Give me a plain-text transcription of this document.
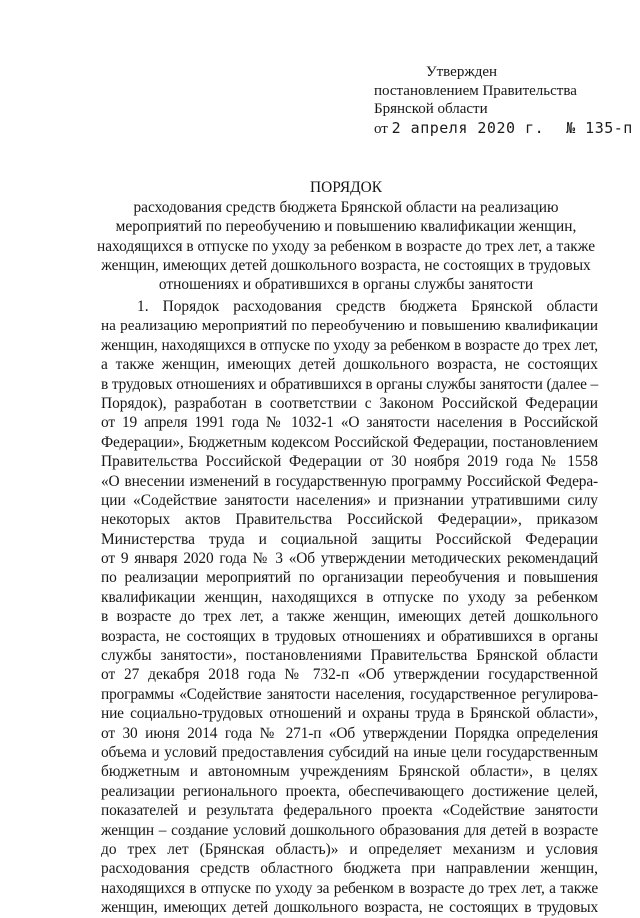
Утвержден
постановлением Правительства
Брянской области
от 2 апреля 2020 г. № 135-п
ПОРЯДОК
расходования средств бюджета Брянской области на реализацию
мероприятий по переобучению и повышению квалификации женщин,
находящихся в отпуске по уходу за ребенком в возрасте до трех лет, а также
женщин, имеющих детей дошкольного возраста, не состоящих в трудовых
отношениях и обратившихся в органы службы занятости
1. Порядок расходования средств бюджета Брянской области
на реализацию мероприятий по переобучению и повышению квалификации
женщин, находящихся в отпуске по уходу за ребенком в возрасте до трех лет,
а также женщин, имеющих детей дошкольного возраста, не состоящих
в трудовых отношениях и обратившихся в органы службы занятости (далее –
Порядок), разработан в соответствии с Законом Российской Федерации
от 19 апреля 1991 года № 1032-1 «О занятости населения в Российской
Федерации», Бюджетным кодексом Российской Федерации, постановлением
Правительства Российской Федерации от 30 ноября 2019 года № 1558
«О внесении изменений в государственную программу Российской Федера-
ции «Содействие занятости населения» и признании утратившими силу
некоторых актов Правительства Российской Федерации», приказом
Министерства труда и социальной защиты Российской Федерации
от 9 января 2020 года № 3 «Об утверждении методических рекомендаций
по реализации мероприятий по организации переобучения и повышения
квалификации женщин, находящихся в отпуске по уходу за ребенком
в возрасте до трех лет, а также женщин, имеющих детей дошкольного
возраста, не состоящих в трудовых отношениях и обратившихся в органы
службы занятости», постановлениями Правительства Брянской области
от 27 декабря 2018 года № 732-п «Об утверждении государственной
программы «Содействие занятости населения, государственное регулирова-
ние социально-трудовых отношений и охраны труда в Брянской области»,
от 30 июня 2014 года № 271-п «Об утверждении Порядка определения
объема и условий предоставления субсидий на иные цели государственным
бюджетным и автономным учреждениям Брянской области», в целях
реализации регионального проекта, обеспечивающего достижение целей,
показателей и результата федерального проекта «Содействие занятости
женщин – создание условий дошкольного образования для детей в возрасте
до трех лет (Брянская область)» и определяет механизм и условия
расходования средств областного бюджета при направлении женщин,
находящихся в отпуске по уходу за ребенком в возрасте до трех лет, а также
женщин, имеющих детей дошкольного возраста, не состоящих в трудовых
